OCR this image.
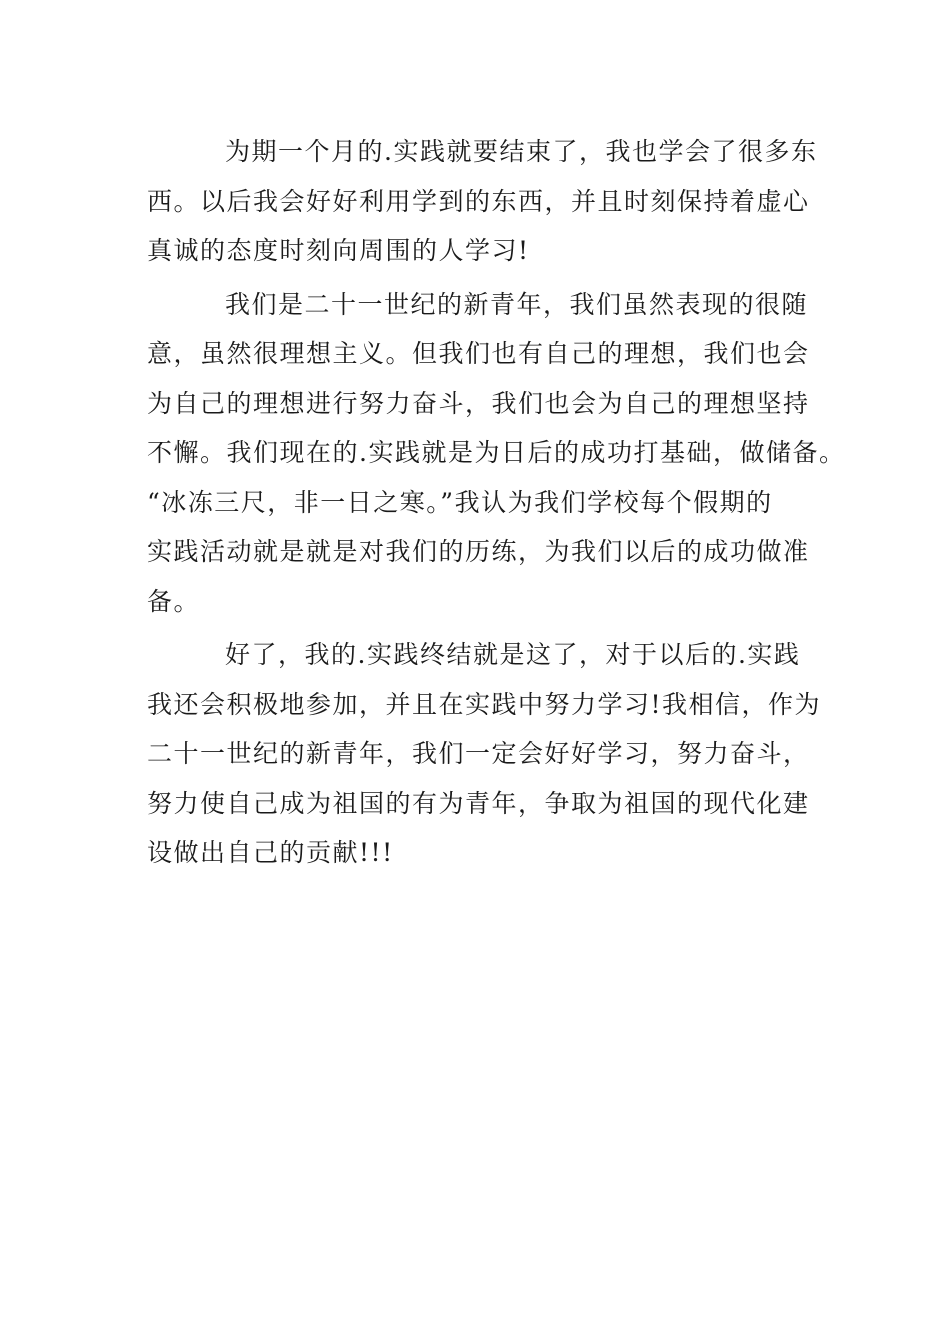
为期一个月的.实践就要结束了，我也学会了很多东
西。以后我会好好利用学到的东西，并且时刻保持着虚心
真诚的态度时刻向周围的人学习!
我们是二十一世纪的新青年，我们虽然表现的很随
意，虽然很理想主义。但我们也有自己的理想，我们也会
为自己的理想进行努力奋斗，我们也会为自己的理想坚持
不懈。我们现在的.实践就是为日后的成功打基础，做储备。
“冰冻三尺，非一日之寒。”我认为我们学校每个假期的
实践活动就是就是对我们的历练，为我们以后的成功做准
备。
好了，我的.实践终结就是这了，对于以后的.实践
我还会积极地参加，并且在实践中努力学习!我相信，作为
二十一世纪的新青年，我们一定会好好学习，努力奋斗，
努力使自己成为祖国的有为青年，争取为祖国的现代化建
设做出自己的贡献!!!
